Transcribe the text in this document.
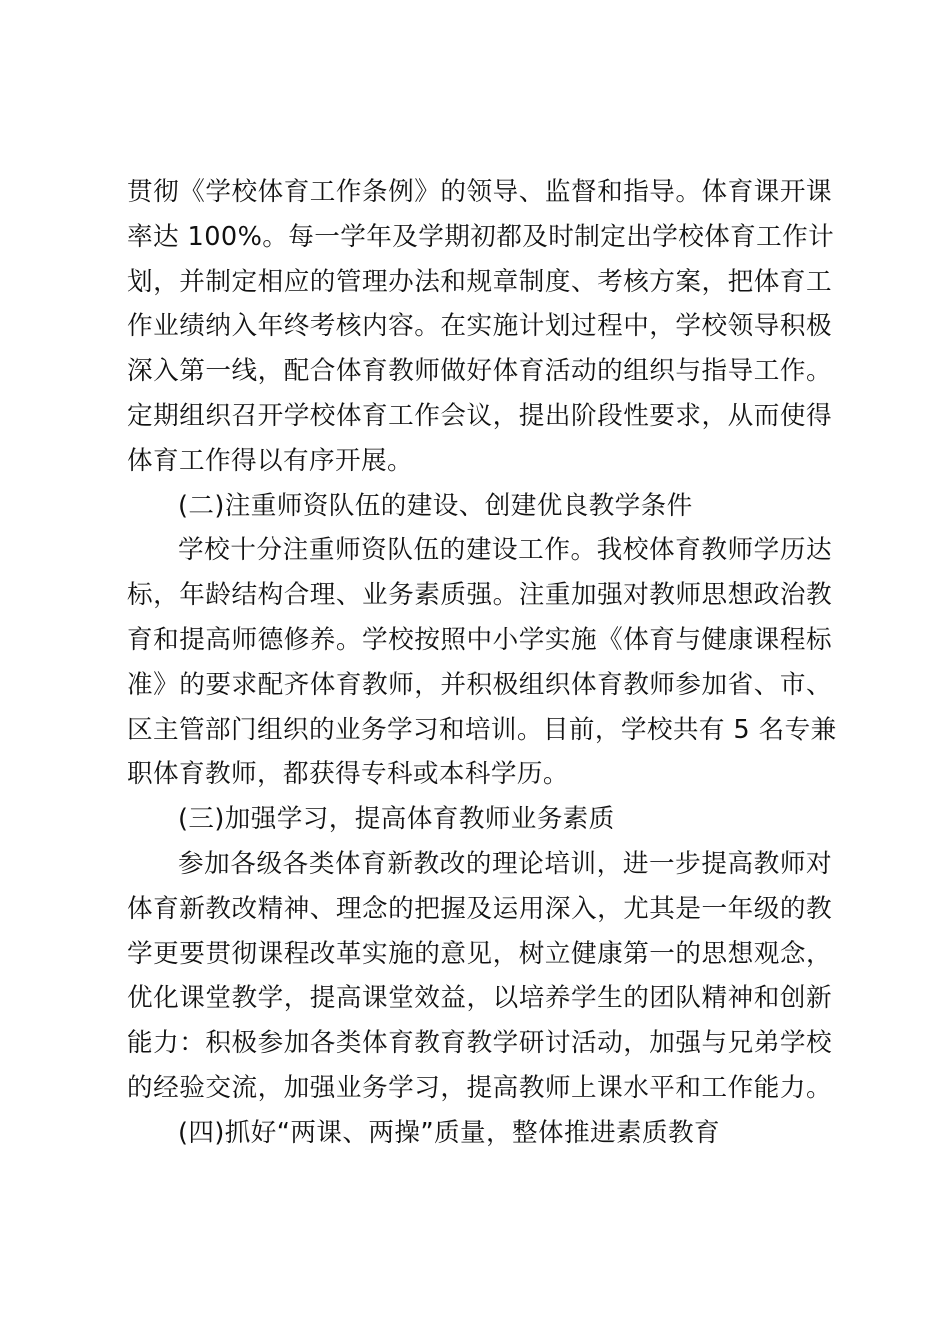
贯彻《学校体育工作条例》的领导、监督和指导。体育课开课
率达 100%。每一学年及学期初都及时制定出学校体育工作计
划，并制定相应的管理办法和规章制度、考核方案，把体育工
作业绩纳入年终考核内容。在实施计划过程中，学校领导积极
深入第一线，配合体育教师做好体育活动的组织与指导工作。
定期组织召开学校体育工作会议，提出阶段性要求，从而使得
体育工作得以有序开展。
(二)注重师资队伍的建设、创建优良教学条件
学校十分注重师资队伍的建设工作。我校体育教师学历达
标，年龄结构合理、业务素质强。注重加强对教师思想政治教
育和提高师德修养。学校按照中小学实施《体育与健康课程标
准》的要求配齐体育教师，并积极组织体育教师参加省、市、
区主管部门组织的业务学习和培训。目前，学校共有 5 名专兼
职体育教师，都获得专科或本科学历。
(三)加强学习，提高体育教师业务素质
参加各级各类体育新教改的理论培训，进一步提高教师对
体育新教改精神、理念的把握及运用深入，尤其是一年级的教
学更要贯彻课程改革实施的意见，树立健康第一的思想观念，
优化课堂教学，提高课堂效益，以培养学生的团队精神和创新
能力：积极参加各类体育教育教学研讨活动，加强与兄弟学校
的经验交流，加强业务学习，提高教师上课水平和工作能力。
(四)抓好“两课、两操”质量，整体推进素质教育
